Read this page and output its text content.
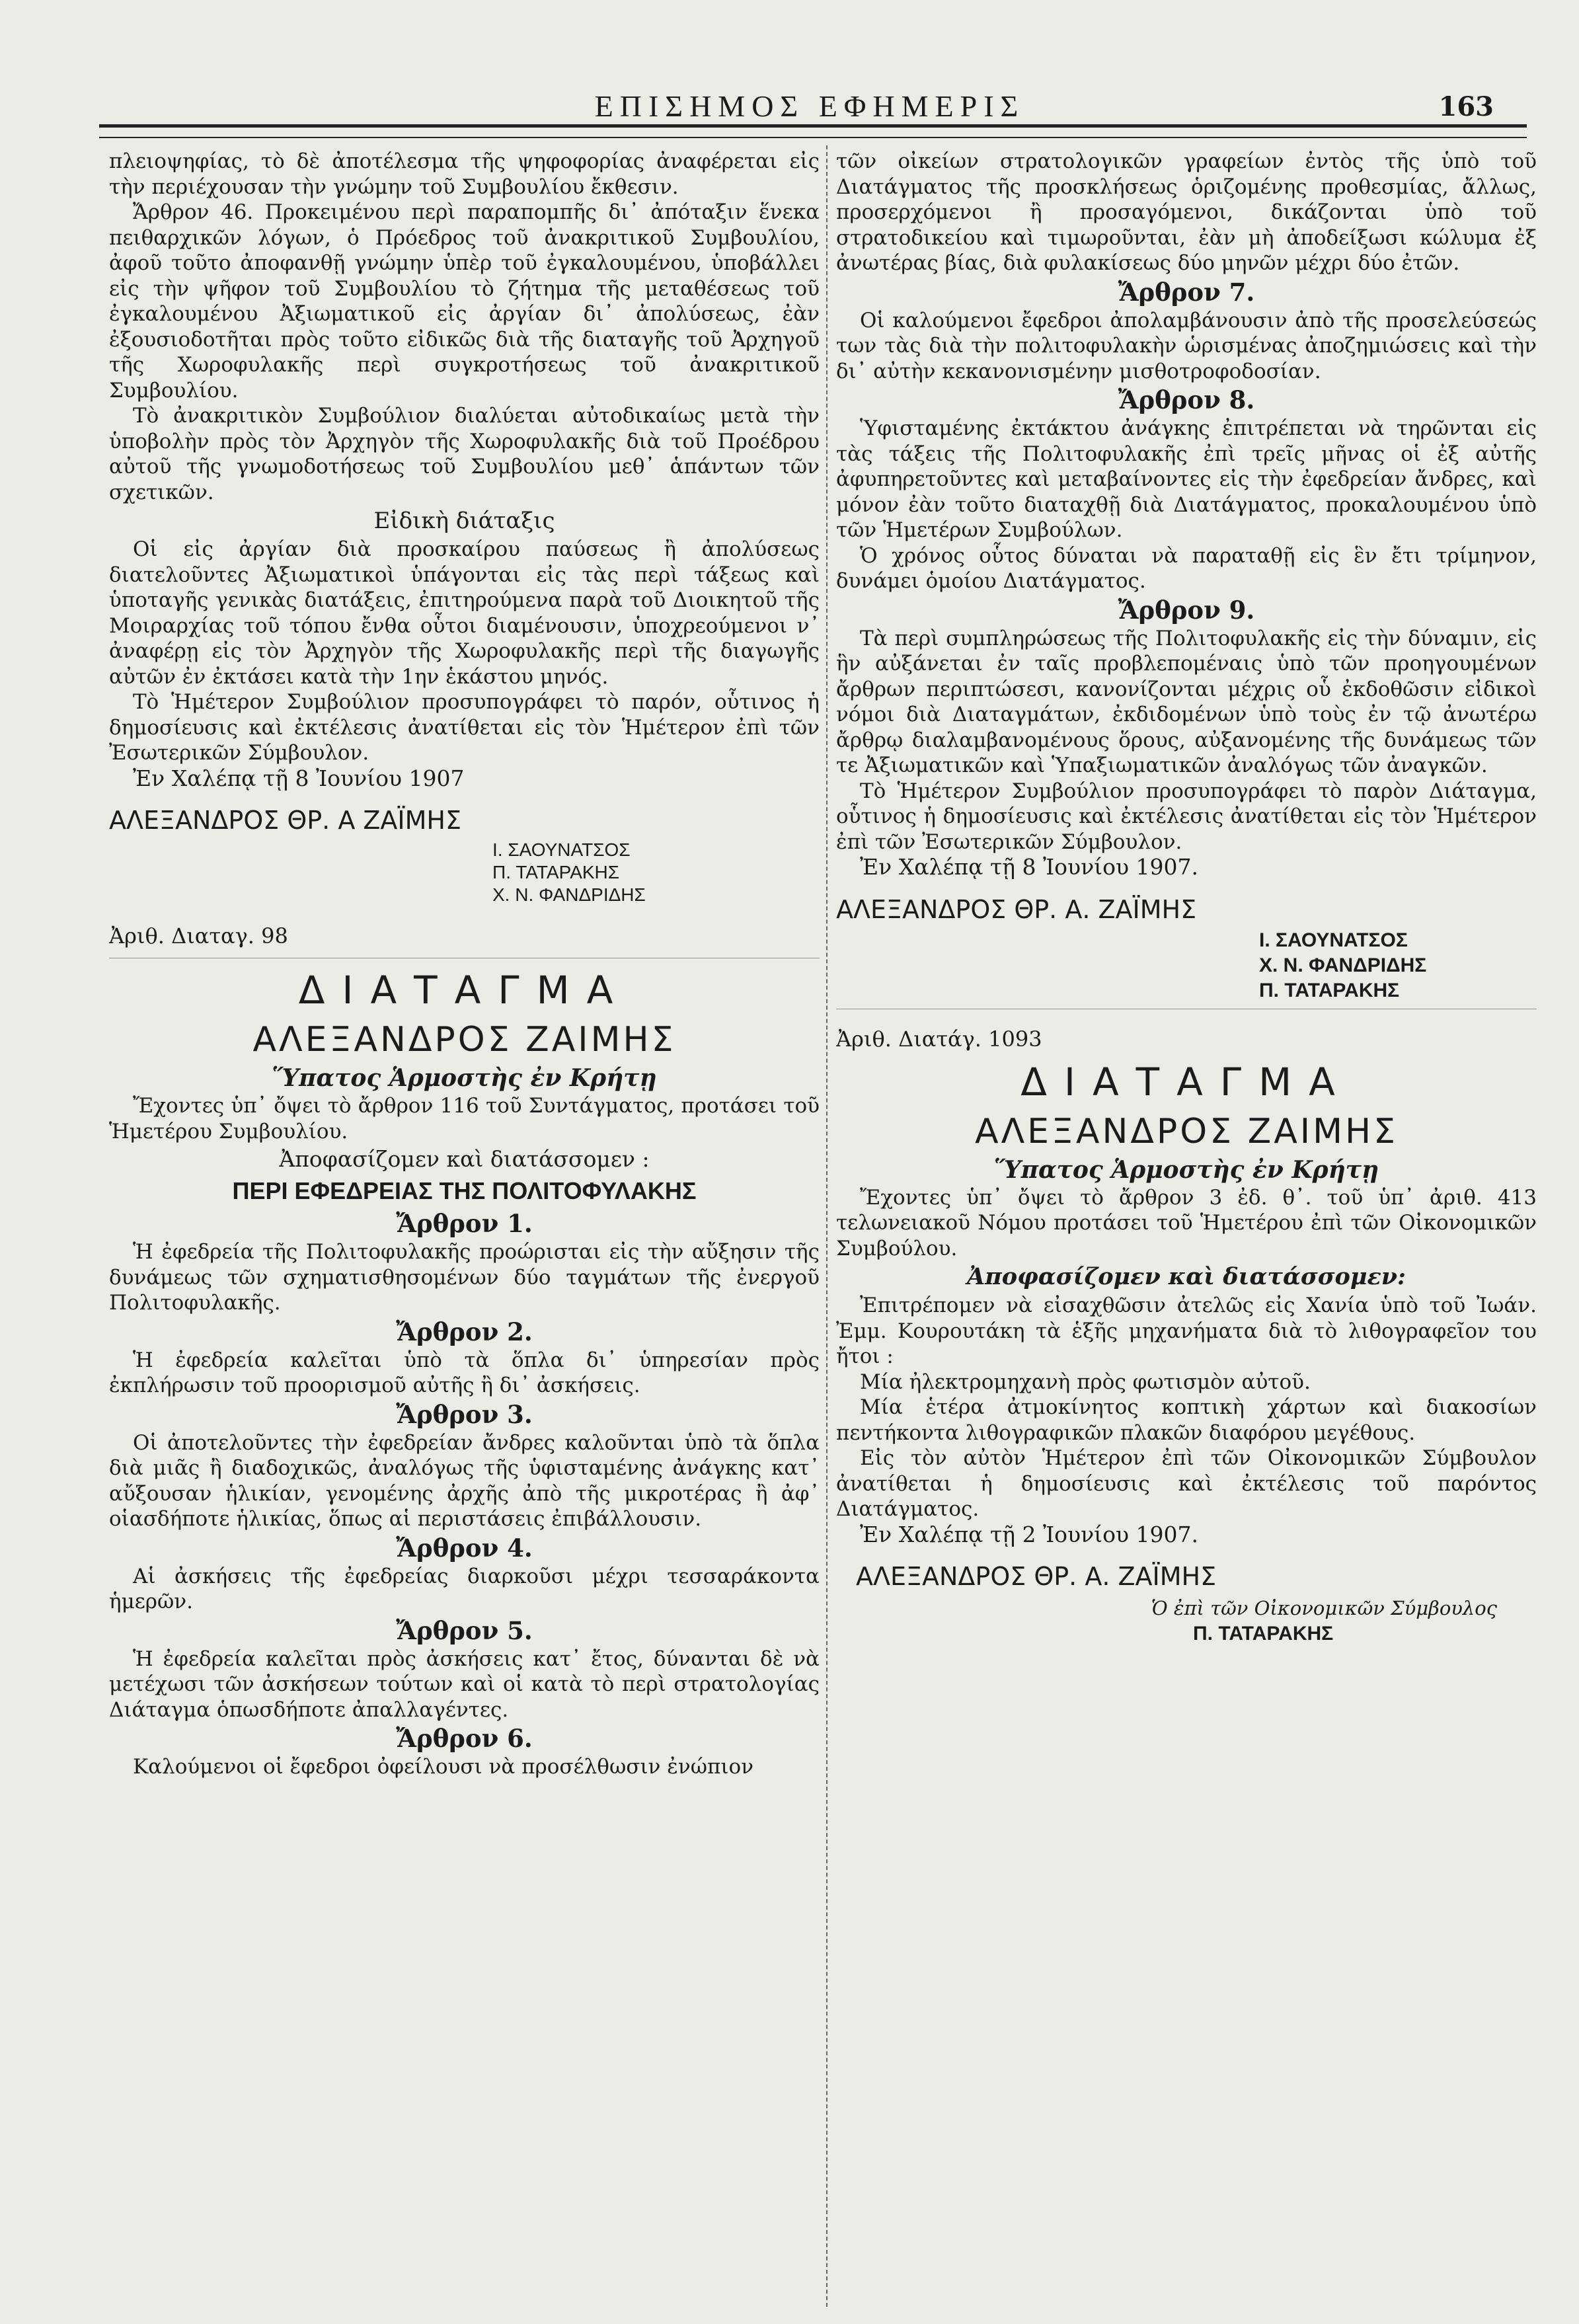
ΕΠΙΣΗΜΟΣ ΕΦΗΜΕΡΙΣ	163

πλειοψηφίας, τὸ δὲ ἀποτέλεσμα τῆς ψηφοφορίας ἀναφέρεται εἰς τὴν περιέχουσαν τὴν γνώμην τοῦ Συμβουλίου ἔκθεσιν.

Ἄρθρον 46. Προκειμένου περὶ παραπομπῆς δι᾽ ἀπόταξιν ἕνεκα πειθαρχικῶν λόγων, ὁ Πρόεδρος τοῦ ἀνακριτικοῦ Συμβουλίου, ἀφοῦ τοῦτο ἀποφανθῇ γνώμην ὑπὲρ τοῦ ἐγκαλουμένου, ὑποβάλλει εἰς τὴν ψῆφον τοῦ Συμβουλίου τὸ ζήτημα τῆς μεταθέσεως τοῦ ἐγκαλουμένου Ἀξιωματικοῦ εἰς ἀργίαν δι᾽ ἀπολύσεως, ἐὰν ἐξουσιοδοτῆται πρὸς τοῦτο εἰδικῶς διὰ τῆς διαταγῆς τοῦ Ἀρχηγοῦ τῆς Χωροφυλακῆς περὶ συγκροτήσεως τοῦ ἀνακριτικοῦ Συμβουλίου.

Τὸ ἀνακριτικὸν Συμβούλιον διαλύεται αὐτοδικαίως μετὰ τὴν ὑποβολὴν πρὸς τὸν Ἀρχηγὸν τῆς Χωροφυλακῆς διὰ τοῦ Προέδρου αὐτοῦ τῆς γνωμοδοτήσεως τοῦ Συμβουλίου μεθ᾽ ἁπάντων τῶν σχετικῶν.

Εἰδικὴ διάταξις

Οἱ εἰς ἀργίαν διὰ προσκαίρου παύσεως ἢ ἀπολύσεως διατελοῦντες Ἀξιωματικοὶ ὑπάγονται εἰς τὰς περὶ τάξεως καὶ ὑποταγῆς γενικὰς διατάξεις, ἐπιτηρούμενα παρὰ τοῦ Διοικητοῦ τῆς Μοιραρχίας τοῦ τόπου ἔνθα οὗτοι διαμένουσιν, ὑποχρεούμενοι ν᾽ ἀναφέρῃ εἰς τὸν Ἀρχηγὸν τῆς Χωροφυλακῆς περὶ τῆς διαγωγῆς αὐτῶν ἐν ἐκτάσει κατὰ τὴν 1ην ἑκάστου μηνός.

Τὸ Ἡμέτερον Συμβούλιον προσυπογράφει τὸ παρόν, οὗτινος ἡ δημοσίευσις καὶ ἐκτέλεσις ἀνατίθεται εἰς τὸν Ἡμέτερον ἐπὶ τῶν Ἐσωτερικῶν Σύμβουλον.

Ἐν Χαλέπᾳ τῇ 8 Ἰουνίου 1907

ΑΛΕΞΑΝΔΡΟΣ ΘΡ. Α ΖΑΪΜΗΣ
Ι. ΣΑΟΥΝΑΤΣΟΣ
Π. ΤΑΤΑΡΑΚΗΣ
Χ. Ν. ΦΑΝΔΡΙΔΗΣ
Ἀριθ. Διαταγ. 98
ΔΙΑΤΑΓΜΑ
ΑΛΕΞΑΝΔΡΟΣ ΖΑΙΜΗΣ
Ὕπατος Ἁρμοστὴς ἐν Κρήτῃ

Ἔχοντες ὑπ᾽ ὄψει τὸ ἄρθρον 116 τοῦ Συντάγματος, προτάσει τοῦ Ἡμετέρου Συμβουλίου.

Ἀποφασίζομεν καὶ διατάσσομεν :
ΠΕΡΙ ΕΦΕΔΡΕΙΑΣ ΤΗΣ ΠΟΛΙΤΟΦΥΛΑΚΗΣ
Ἄρθρον 1.

Ἡ ἐφεδρεία τῆς Πολιτοφυλακῆς προώρισται εἰς τὴν αὔξησιν τῆς δυνάμεως τῶν σχηματισθησομένων δύο ταγμάτων τῆς ἐνεργοῦ Πολιτοφυλακῆς.

Ἄρθρον 2.

Ἡ ἐφεδρεία καλεῖται ὑπὸ τὰ ὅπλα δι᾽ ὑπηρεσίαν πρὸς ἐκπλήρωσιν τοῦ προορισμοῦ αὐτῆς ἢ δι᾽ ἀσκήσεις.

Ἄρθρον 3.

Οἱ ἀποτελοῦντες τὴν ἐφεδρείαν ἄνδρες καλοῦνται ὑπὸ τὰ ὅπλα διὰ μιᾶς ἢ διαδοχικῶς, ἀναλόγως τῆς ὑφισταμένης ἀνάγκης κατ᾽ αὔξουσαν ἡλικίαν, γενομένης ἀρχῆς ἀπὸ τῆς μικροτέρας ἢ ἀφ᾽ οἱασδήποτε ἡλικίας, ὅπως αἱ περιστάσεις ἐπιβάλλουσιν.

Ἄρθρον 4.

Αἱ ἀσκήσεις τῆς ἐφεδρείας διαρκοῦσι μέχρι τεσσαράκοντα ἡμερῶν.

Ἄρθρον 5.

Ἡ ἐφεδρεία καλεῖται πρὸς ἀσκήσεις κατ᾽ ἔτος, δύνανται δὲ νὰ μετέχωσι τῶν ἀσκήσεων τούτων καὶ οἱ κατὰ τὸ περὶ στρατολογίας Διάταγμα ὁπωσδήποτε ἀπαλλαγέντες.

Ἄρθρον 6.

Καλούμενοι οἱ ἔφεδροι ὀφείλουσι νὰ προσέλθωσιν ἐνώπιον

τῶν οἰκείων στρατολογικῶν γραφείων ἐντὸς τῆς ὑπὸ τοῦ Διατάγματος τῆς προσκλήσεως ὁριζομένης προθεσμίας, ἄλλως, προσερχόμενοι ἢ προσαγόμενοι, δικάζονται ὑπὸ τοῦ στρατοδικείου καὶ τιμωροῦνται, ἐὰν μὴ ἀποδείξωσι κώλυμα ἐξ ἀνωτέρας βίας, διὰ φυλακίσεως δύο μηνῶν μέχρι δύο ἐτῶν.

Ἄρθρον 7.

Οἱ καλούμενοι ἔφεδροι ἀπολαμβάνουσιν ἀπὸ τῆς προσελεύσεώς των τὰς διὰ τὴν πολιτοφυλακὴν ὡρισμένας ἀποζημιώσεις καὶ τὴν δι᾽ αὐτὴν κεκανονισμένην μισθοτροφοδοσίαν.

Ἄρθρον 8.

Ὑφισταμένης ἐκτάκτου ἀνάγκης ἐπιτρέπεται νὰ τηρῶνται εἰς τὰς τάξεις τῆς Πολιτοφυλακῆς ἐπὶ τρεῖς μῆνας οἱ ἐξ αὐτῆς ἀφυπηρετοῦντες καὶ μεταβαίνοντες εἰς τὴν ἐφεδρείαν ἄνδρες, καὶ μόνον ἐὰν τοῦτο διαταχθῇ διὰ Διατάγματος, προκαλουμένου ὑπὸ τῶν Ἡμετέρων Συμβούλων.

Ὁ χρόνος οὗτος δύναται νὰ παραταθῇ εἰς ἓν ἔτι τρίμηνον, δυνάμει ὁμοίου Διατάγματος.

Ἄρθρον 9.

Τὰ περὶ συμπληρώσεως τῆς Πολιτοφυλακῆς εἰς τὴν δύναμιν, εἰς ἣν αὐξάνεται ἐν ταῖς προβλεπομέναις ὑπὸ τῶν προηγουμένων ἄρθρων περιπτώσεσι, κανονίζονται μέχρις οὗ ἐκδοθῶσιν εἰδικοὶ νόμοι διὰ Διαταγμάτων, ἐκδιδομένων ὑπὸ τοὺς ἐν τῷ ἀνωτέρω ἄρθρῳ διαλαμβανομένους ὅρους, αὐξανομένης τῆς δυνάμεως τῶν τε Ἀξιωματικῶν καὶ Ὑπαξιωματικῶν ἀναλόγως τῶν ἀναγκῶν.

Τὸ Ἡμέτερον Συμβούλιον προσυπογράφει τὸ παρὸν Διάταγμα, οὗτινος ἡ δημοσίευσις καὶ ἐκτέλεσις ἀνατίθεται εἰς τὸν Ἡμέτερον ἐπὶ τῶν Ἐσωτερικῶν Σύμβουλον.

Ἐν Χαλέπᾳ τῇ 8 Ἰουνίου 1907.

ΑΛΕΞΑΝΔΡΟΣ ΘΡ. Α. ΖΑΪΜΗΣ
Ι. ΣΑΟΥΝΑΤΣΟΣ
Χ. Ν. ΦΑΝΔΡΙΔΗΣ
Π. ΤΑΤΑΡΑΚΗΣ
Ἀριθ. Διατάγ. 1093
ΔΙΑΤΑΓΜΑ
ΑΛΕΞΑΝΔΡΟΣ ΖΑΙΜΗΣ
Ὕπατος Ἁρμοστὴς ἐν Κρήτῃ

Ἔχοντες ὑπ᾽ ὄψει τὸ ἄρθρον 3 ἐδ. θ᾽. τοῦ ὑπ᾽ ἀριθ. 413 τελωνειακοῦ Νόμου προτάσει τοῦ Ἡμετέρου ἐπὶ τῶν Οἰκονομικῶν Συμβούλου.

Ἀποφασίζομεν καὶ διατάσσομεν:

Ἐπιτρέπομεν νὰ εἰσαχθῶσιν ἀτελῶς εἰς Χανία ὑπὸ τοῦ Ἰωάν. Ἐμμ. Κουρουτάκη τὰ ἑξῆς μηχανήματα διὰ τὸ λιθογραφεῖον του ἤτοι :

Μία ἠλεκτρομηχανὴ πρὸς φωτισμὸν αὐτοῦ.

Μία ἑτέρα ἀτμοκίνητος κοπτικὴ χάρτων καὶ διακοσίων πεντήκοντα λιθογραφικῶν πλακῶν διαφόρου μεγέθους.

Εἰς τὸν αὐτὸν Ἡμέτερον ἐπὶ τῶν Οἰκονομικῶν Σύμβουλον ἀνατίθεται ἡ δημοσίευσις καὶ ἐκτέλεσις τοῦ παρόντος Διατάγματος.

Ἐν Χαλέπᾳ τῇ 2 Ἰουνίου 1907.

ΑΛΕΞΑΝΔΡΟΣ ΘΡ. Α. ΖΑΪΜΗΣ
Ὁ ἐπὶ τῶν Οἰκονομικῶν Σύμβουλος
Π. ΤΑΤΑΡΑΚΗΣ
